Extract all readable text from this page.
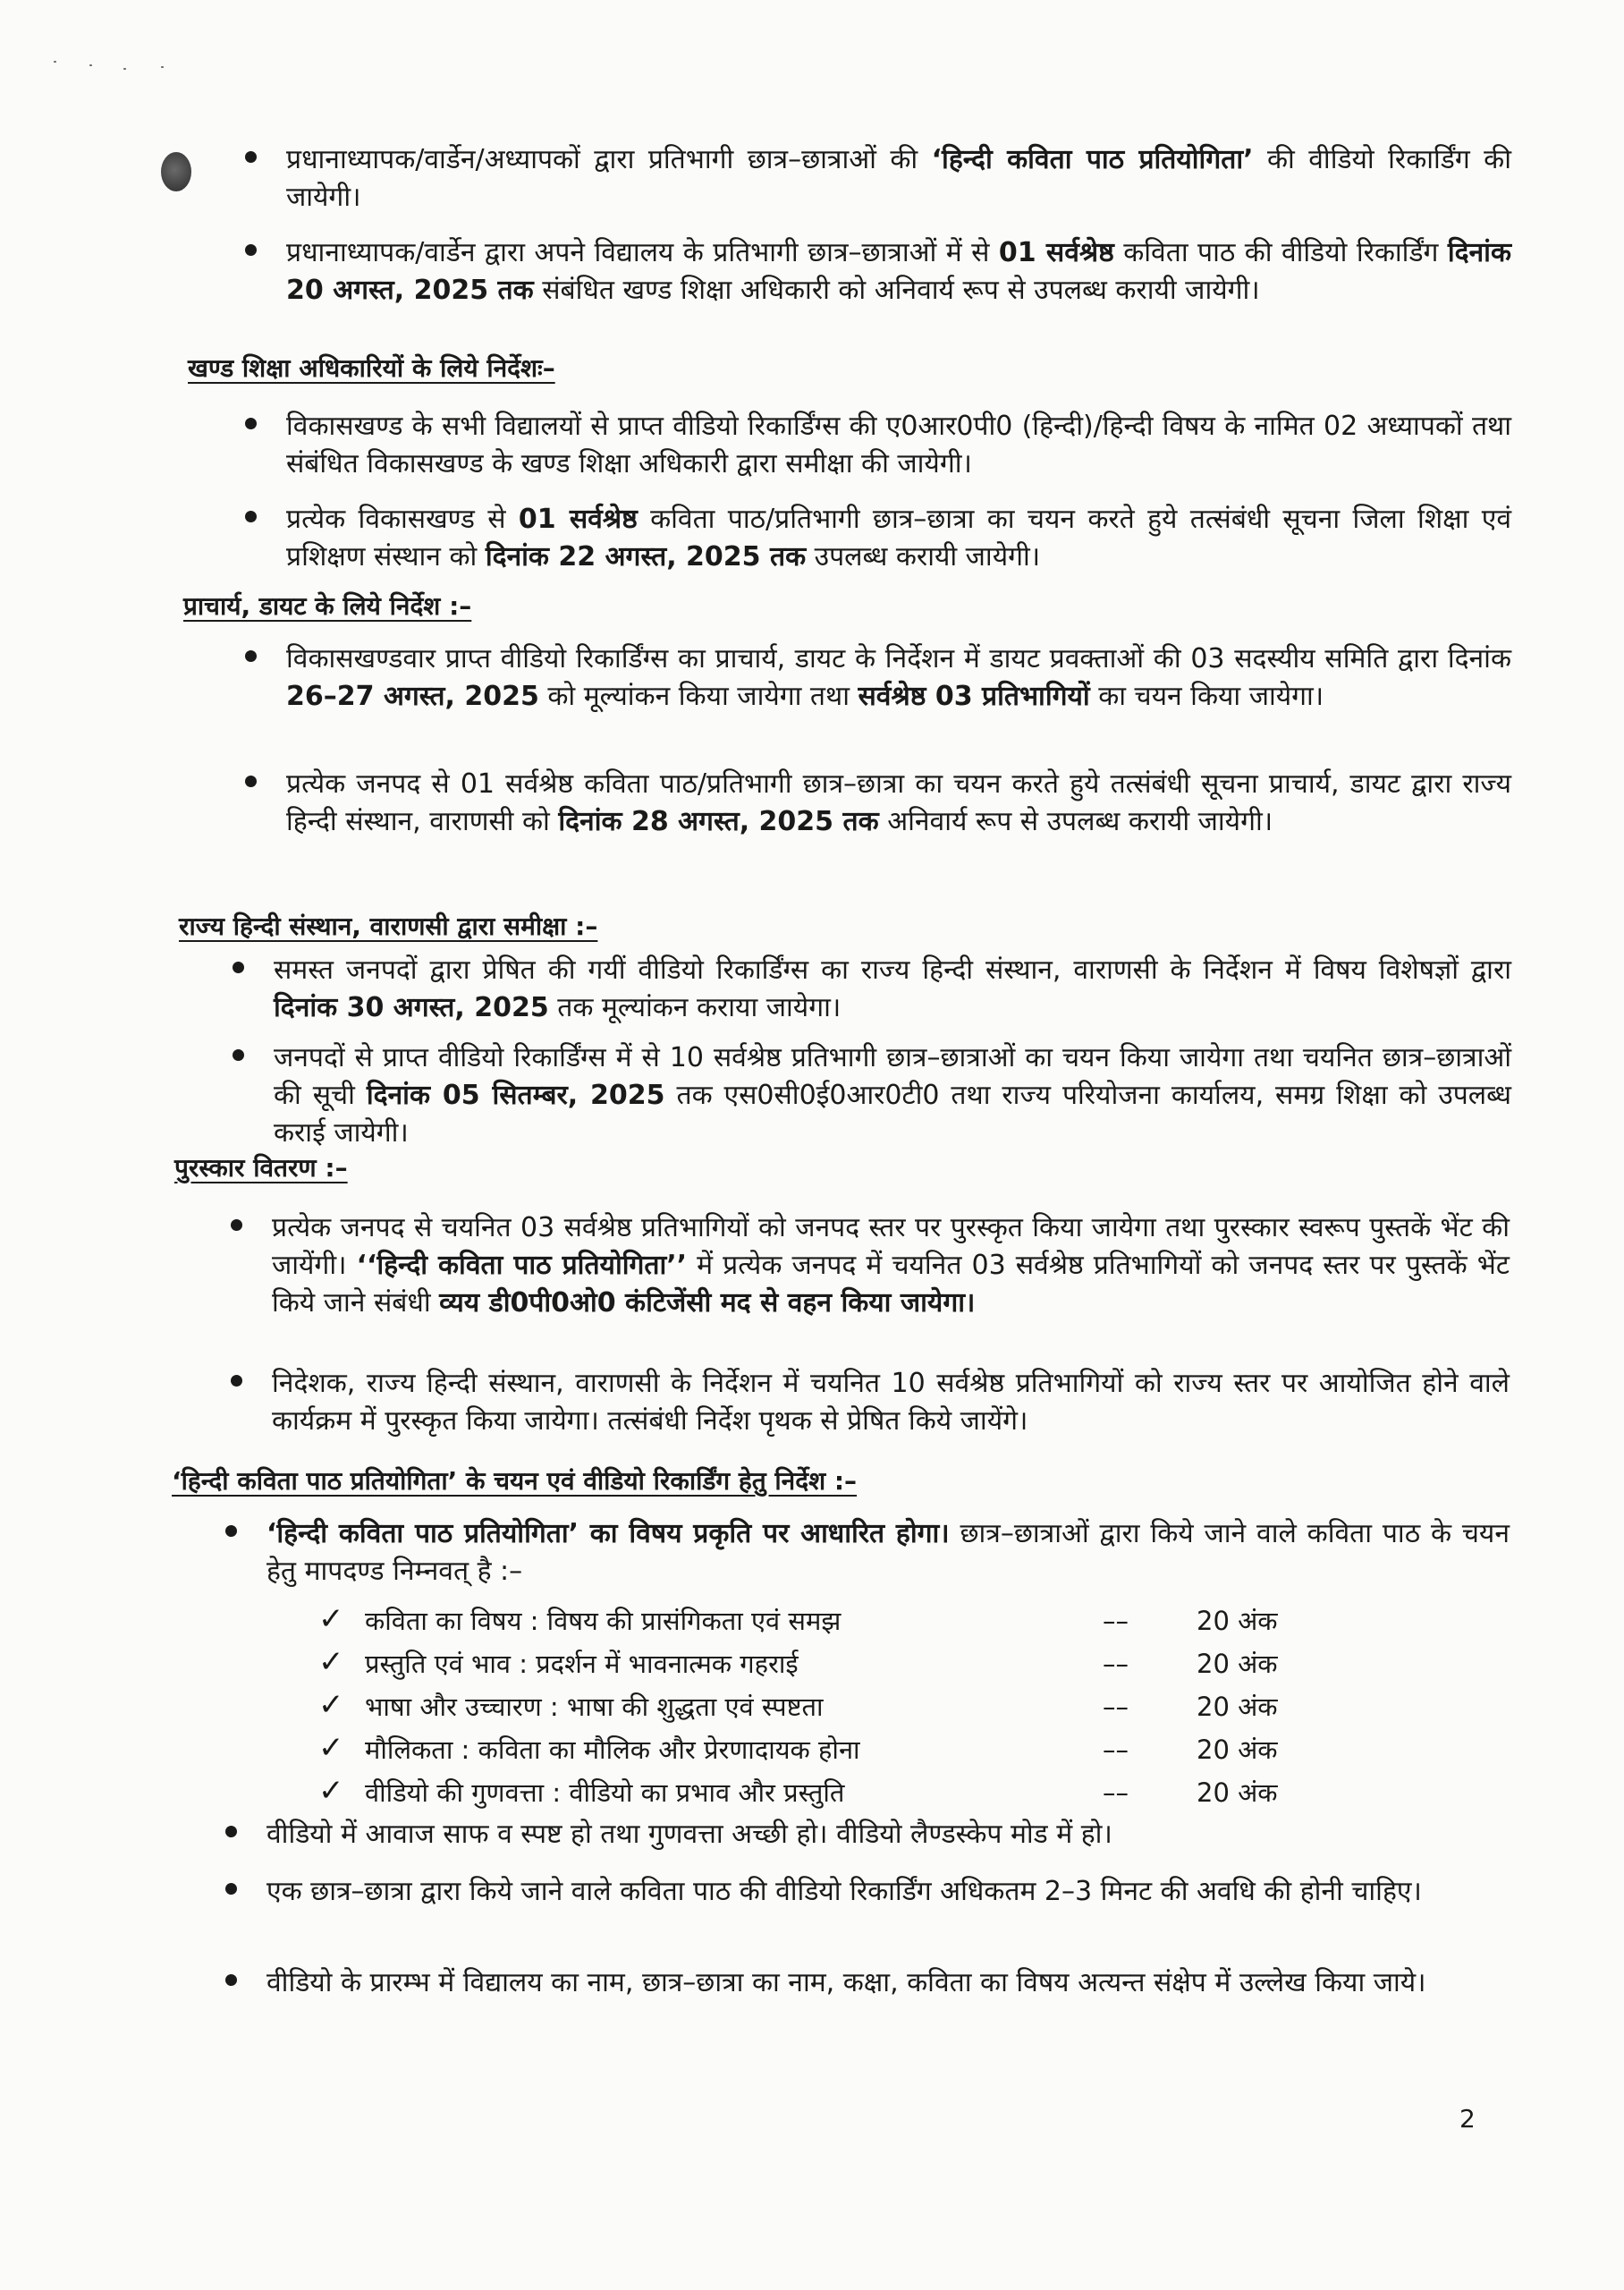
प्रधानाध्यापक/वार्डेन/अध्यापकों द्वारा प्रतिभागी छात्र–छात्राओं की ‘हिन्दी कविता पाठ प्रतियोगिता’ की वीडियो रिकार्डिंग की जायेगी।
प्रधानाध्यापक/वार्डेन द्वारा अपने विद्यालय के प्रतिभागी छात्र–छात्राओं में से 01 सर्वश्रेष्ठ कविता पाठ की वीडियो रिकार्डिंग दिनांक 20 अगस्त, 2025 तक संबंधित खण्ड शिक्षा अधिकारी को अनिवार्य रूप से उपलब्ध करायी जायेगी।
खण्ड शिक्षा अधिकारियों के लिये निर्देशः–
विकासखण्ड के सभी विद्यालयों से प्राप्त वीडियो रिकार्डिंग्स की ए0आर0पी0 (हिन्दी)/हिन्दी विषय के नामित 02 अध्यापकों तथा संबंधित विकासखण्ड के खण्ड शिक्षा अधिकारी द्वारा समीक्षा की जायेगी।
प्रत्येक विकासखण्ड से 01 सर्वश्रेष्ठ कविता पाठ/प्रतिभागी छात्र–छात्रा का चयन करते हुये तत्संबंधी सूचना जिला शिक्षा एवं प्रशिक्षण संस्थान को दिनांक 22 अगस्त, 2025 तक उपलब्ध करायी जायेगी।
प्राचार्य, डायट के लिये निर्देश :–
विकासखण्डवार प्राप्त वीडियो रिकार्डिंग्स का प्राचार्य, डायट के निर्देशन में डायट प्रवक्ताओं की 03 सदस्यीय समिति द्वारा दिनांक 26–27 अगस्त, 2025 को मूल्यांकन किया जायेगा तथा सर्वश्रेष्ठ 03 प्रतिभागियों का चयन किया जायेगा।
प्रत्येक जनपद से 01 सर्वश्रेष्ठ कविता पाठ/प्रतिभागी छात्र–छात्रा का चयन करते हुये तत्संबंधी सूचना प्राचार्य, डायट द्वारा राज्य हिन्दी संस्थान, वाराणसी को दिनांक 28 अगस्त, 2025 तक अनिवार्य रूप से उपलब्ध करायी जायेगी।
राज्य हिन्दी संस्थान, वाराणसी द्वारा समीक्षा :–
समस्त जनपदों द्वारा प्रेषित की गयीं वीडियो रिकार्डिंग्स का राज्य हिन्दी संस्थान, वाराणसी के निर्देशन में विषय विशेषज्ञों द्वारा दिनांक 30 अगस्त, 2025 तक मूल्यांकन कराया जायेगा।
जनपदों से प्राप्त वीडियो रिकार्डिंग्स में से 10 सर्वश्रेष्ठ प्रतिभागी छात्र–छात्राओं का चयन किया जायेगा तथा चयनित छात्र–छात्राओं की सूची दिनांक 05 सितम्बर, 2025 तक एस0सी0ई0आर0टी0 तथा राज्य परियोजना कार्यालय, समग्र शिक्षा को उपलब्ध कराई जायेगी।
पुरस्कार वितरण :–
प्रत्येक जनपद से चयनित 03 सर्वश्रेष्ठ प्रतिभागियों को जनपद स्तर पर पुरस्कृत किया जायेगा तथा पुरस्कार स्वरूप पुस्तकें भेंट की जायेंगी। ‘‘हिन्दी कविता पाठ प्रतियोगिता’’ में प्रत्येक जनपद में चयनित 03 सर्वश्रेष्ठ प्रतिभागियों को जनपद स्तर पर पुस्तकें भेंट किये जाने संबंधी व्यय डी0पी0ओ0 कंटिजेंसी मद से वहन किया जायेगा।
निदेशक, राज्य हिन्दी संस्थान, वाराणसी के निर्देशन में चयनित 10 सर्वश्रेष्ठ प्रतिभागियों को राज्य स्तर पर आयोजित होने वाले कार्यक्रम में पुरस्कृत किया जायेगा। तत्संबंधी निर्देश पृथक से प्रेषित किये जायेंगे।
‘हिन्दी कविता पाठ प्रतियोगिता’ के चयन एवं वीडियो रिकार्डिंग हेतु निर्देश :–
‘हिन्दी कविता पाठ प्रतियोगिता’ का विषय प्रकृति पर आधारित होगा। छात्र–छात्राओं द्वारा किये जाने वाले कविता पाठ के चयन हेतु मापदण्ड निम्नवत् है :–
✓ कविता का विषय : विषय की प्रासंगिकता एवं समझ	––	20 अंक
✓ प्रस्तुति एवं भाव : प्रदर्शन में भावनात्मक गहराई	––	20 अंक
✓ भाषा और उच्चारण : भाषा की शुद्धता एवं स्पष्टता	––	20 अंक
✓ मौलिकता : कविता का मौलिक और प्रेरणादायक होना	––	20 अंक
✓ वीडियो की गुणवत्ता : वीडियो का प्रभाव और प्रस्तुति	––	20 अंक
वीडियो में आवाज साफ व स्पष्ट हो तथा गुणवत्ता अच्छी हो। वीडियो लैण्डस्केप मोड में हो।
एक छात्र–छात्रा द्वारा किये जाने वाले कविता पाठ की वीडियो रिकार्डिंग अधिकतम 2–3 मिनट की अवधि की होनी चाहिए।
वीडियो के प्रारम्भ में विद्यालय का नाम, छात्र–छात्रा का नाम, कक्षा, कविता का विषय अत्यन्त संक्षेप में उल्लेख किया जाये।
2
